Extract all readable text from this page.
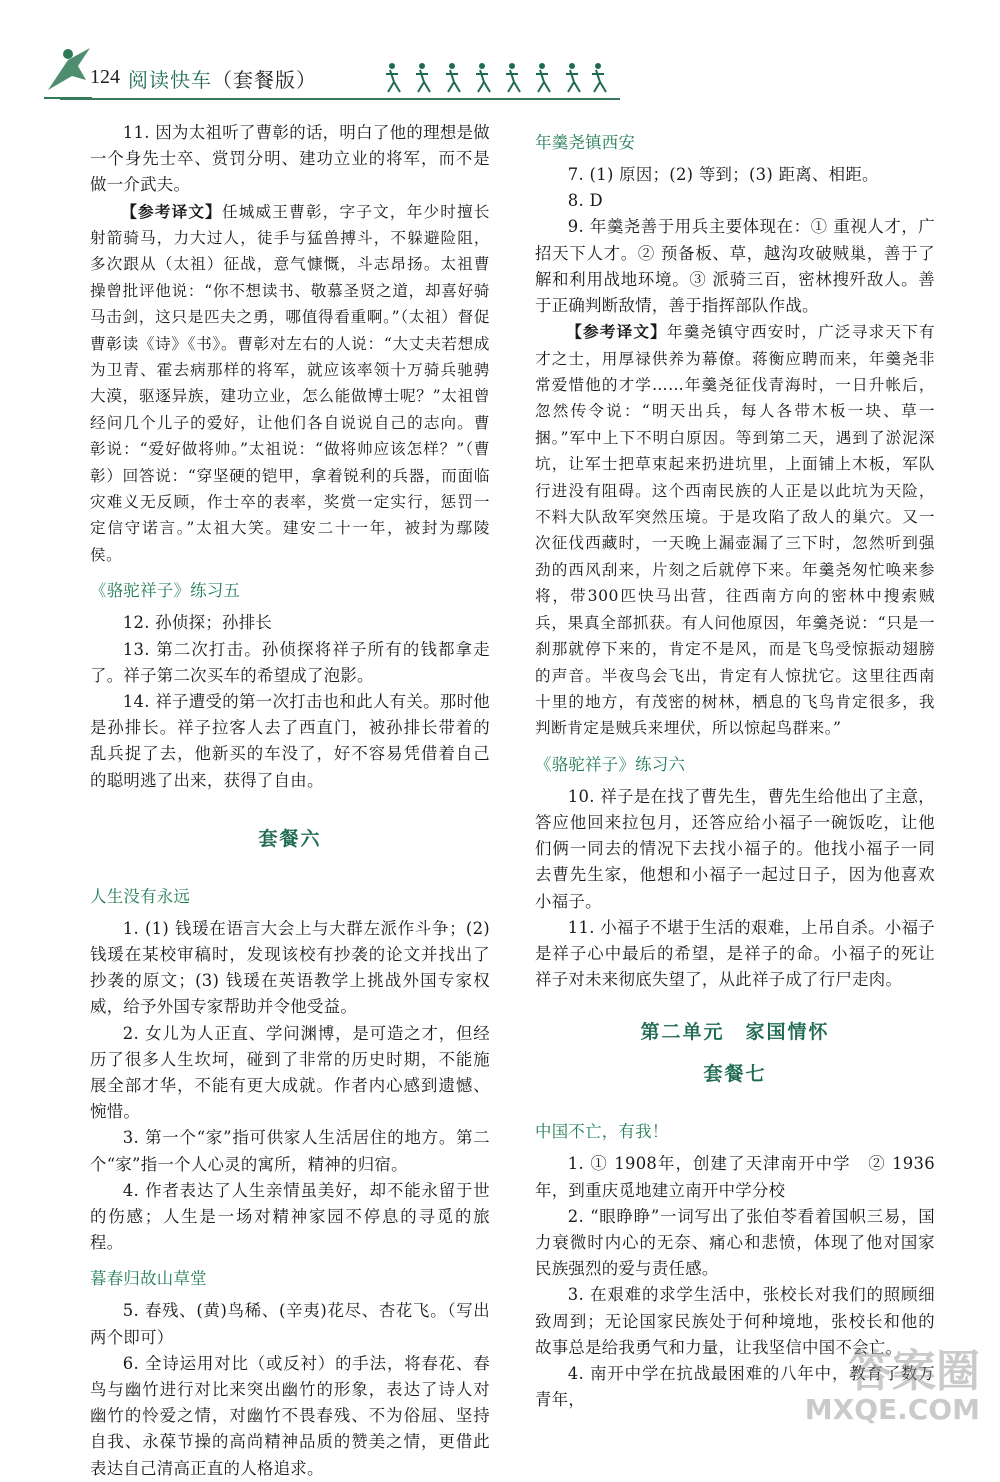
124 阅读快车（套餐版）

11. 因为太祖听了曹彰的话，明白了他的理想是做一个身先士卒、赏罚分明、建功立业的将军，而不是做一介武夫。

【参考译文】任城威王曹彰，字子文，年少时擅长射箭骑马，力大过人，徒手与猛兽搏斗，不躲避险阻，多次跟从（太祖）征战，意气慷慨，斗志昂扬。太祖曹操曾批评他说：“你不想读书、敬慕圣贤之道，却喜好骑马击剑，这只是匹夫之勇，哪值得看重啊。”（太祖）督促曹彰读《诗》《书》。曹彰对左右的人说：“大丈夫若想成为卫青、霍去病那样的将军，就应该率领十万骑兵驰骋大漠，驱逐异族，建功立业，怎么能做博士呢？”太祖曾经问几个儿子的爱好，让他们各自说说自己的志向。曹彰说：“爱好做将帅。”太祖说：“做将帅应该怎样？”（曹彰）回答说：“穿坚硬的铠甲，拿着锐利的兵器，而面临灾难义无反顾，作士卒的表率，奖赏一定实行，惩罚一定信守诺言。”太祖大笑。建安二十一年，被封为鄢陵侯。

《骆驼祥子》练习五

12. 孙侦探；孙排长

13. 第二次打击。孙侦探将祥子所有的钱都拿走了。祥子第二次买车的希望成了泡影。

14. 祥子遭受的第一次打击也和此人有关。那时他是孙排长。祥子拉客人去了西直门，被孙排长带着的乱兵捉了去，他新买的车没了，好不容易凭借着自己的聪明逃了出来，获得了自由。

套餐六
人生没有永远

1. (1) 钱瑗在语言大会上与大群左派作斗争；(2) 钱瑗在某校审稿时，发现该校有抄袭的论文并找出了抄袭的原文；(3) 钱瑗在英语教学上挑战外国专家权威，给予外国专家帮助并令他受益。

2. 女儿为人正直、学问渊博，是可造之才，但经历了很多人生坎坷，碰到了非常的历史时期，不能施展全部才华，不能有更大成就。作者内心感到遗憾、惋惜。

3. 第一个“家”指可供家人生活居住的地方。第二个“家”指一个人心灵的寓所，精神的归宿。

4. 作者表达了人生亲情虽美好，却不能永留于世的伤感；人生是一场对精神家园不停息的寻觅的旅程。

暮春归故山草堂

5. 春残、(黄)鸟稀、(辛夷)花尽、杏花飞。（写出两个即可）

6. 全诗运用对比（或反衬）的手法，将春花、春鸟与幽竹进行对比来突出幽竹的形象，表达了诗人对幽竹的怜爱之情，对幽竹不畏春残、不为俗屈、坚持自我、永葆节操的高尚精神品质的赞美之情，更借此表达自己清高正直的人格追求。

年羹尧镇西安

7. (1) 原因；(2) 等到；(3) 距离、相距。

8. D

9. 年羹尧善于用兵主要体现在：① 重视人才，广招天下人才。② 预备板、草，越沟攻破贼巢，善于了解和利用战地环境。③ 派骑三百，密林搜歼敌人。善于正确判断敌情，善于指挥部队作战。

【参考译文】年羹尧镇守西安时，广泛寻求天下有才之士，用厚禄供养为幕僚。蒋衡应聘而来，年羹尧非常爱惜他的才学……年羹尧征伐青海时，一日升帐后，忽然传令说：“明天出兵，每人各带木板一块、草一捆。”军中上下不明白原因。等到第二天，遇到了淤泥深坑，让军士把草束起来扔进坑里，上面铺上木板，军队行进没有阻碍。这个西南民族的人正是以此坑为天险，不料大队敌军突然压境。于是攻陷了敌人的巢穴。又一次征伐西藏时，一天晚上漏壶漏了三下时，忽然听到强劲的西风刮来，片刻之后就停下来。年羹尧匆忙唤来参将，带300匹快马出营，往西南方向的密林中搜索贼兵，果真全部抓获。有人问他原因，年羹尧说：“只是一刹那就停下来的，肯定不是风，而是飞鸟受惊振动翅膀的声音。半夜鸟会飞出，肯定有人惊扰它。这里往西南十里的地方，有茂密的树林，栖息的飞鸟肯定很多，我判断肯定是贼兵来埋伏，所以惊起鸟群来。”

《骆驼祥子》练习六

10. 祥子是在找了曹先生，曹先生给他出了主意，答应他回来拉包月，还答应给小福子一碗饭吃，让他们俩一同去的情况下去找小福子的。他找小福子一同去曹先生家，他想和小福子一起过日子，因为他喜欢小福子。

11. 小福子不堪于生活的艰难，上吊自杀。小福子是祥子心中最后的希望，是祥子的命。小福子的死让祥子对未来彻底失望了，从此祥子成了行尸走肉。

第二单元　家国情怀
套餐七
中国不亡，有我！

1. ① 1908年，创建了天津南开中学　② 1936年，到重庆觅地建立南开中学分校

2. “眼睁睁”一词写出了张伯苓看着国帜三易，国力衰微时内心的无奈、痛心和悲愤，体现了他对国家民族强烈的爱与责任感。

3. 在艰难的求学生活中，张校长对我们的照顾细致周到；无论国家民族处于何种境地，张校长和他的故事总是给我勇气和力量，让我坚信中国不会亡。

4. 南开中学在抗战最困难的八年中，教育了数万青年，

答案圈
MXQE.COM
